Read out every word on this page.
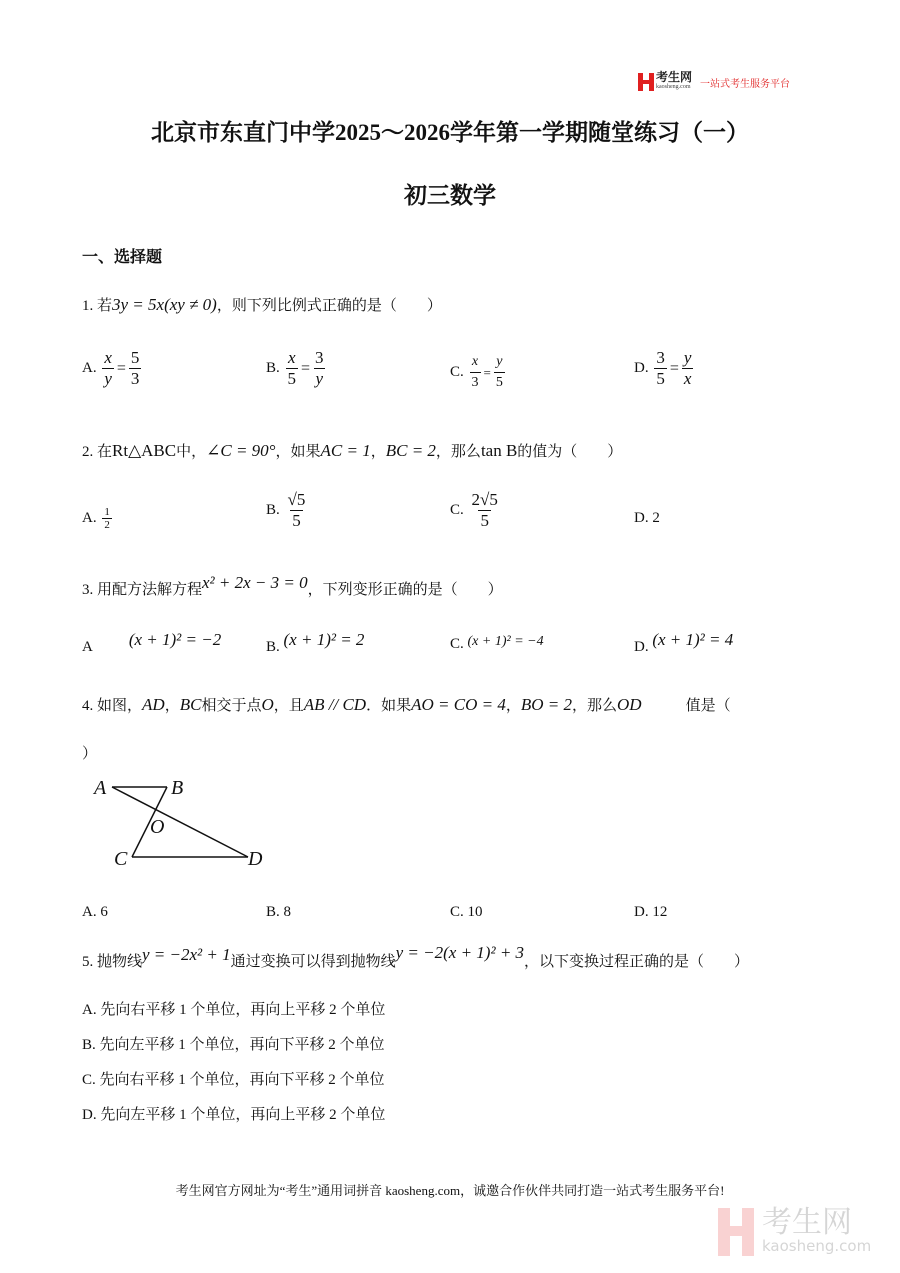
考生网
kaosheng.com 一站式考生服务平台
北京市东直门中学2025～2026学年第一学期随堂练习（一）
初三数学
一、选择题
1. 若3y = 5x(xy ≠ 0)，则下列比例式正确的是（　　）
A. $\frac{x}{y} = \frac{5}{3}$	B. $\frac{x}{5} = \frac{3}{y}$	C. $\frac{x}{3} = \frac{y}{5}$	D. $\frac{3}{5} = \frac{y}{x}$
2. 在Rt△ABC中，∠C = 90°，如果AC = 1，BC = 2，那么tan B的值为（　　）
A. $\frac{1}{2}$	B. $\frac{√5}{5}$	C. $\frac{2√5}{5}$	D. 2
3. 用配方法解方程x² + 2x − 3 = 0，下列变形正确的是（　　）
A (x + 1)² = −2	B. (x + 1)² = 2	C. (x + 1)² = −4	D. (x + 1)² = 4
4. 如图，AD，BC相交于点O，且AB // CD．如果AO = CO = 4，BO = 2，那么OD	值是（
）
A	B
O
C	D
A. 6	B. 8	C. 10	D. 12
5. 抛物线y = −2x² + 1通过变换可以得到抛物线y = −2(x + 1)² + 3，以下变换过程正确的是（　　）
A. 先向右平移 1 个单位，再向上平移 2 个单位
B. 先向左平移 1 个单位，再向下平移 2 个单位
C. 先向右平移 1 个单位，再向下平移 2 个单位
D. 先向左平移 1 个单位，再向上平移 2 个单位
考生网官方网址为“考生”通用词拼音 kaosheng.com，诚邀合作伙伴共同打造一站式考生服务平台!
考生网
kaosheng.com
